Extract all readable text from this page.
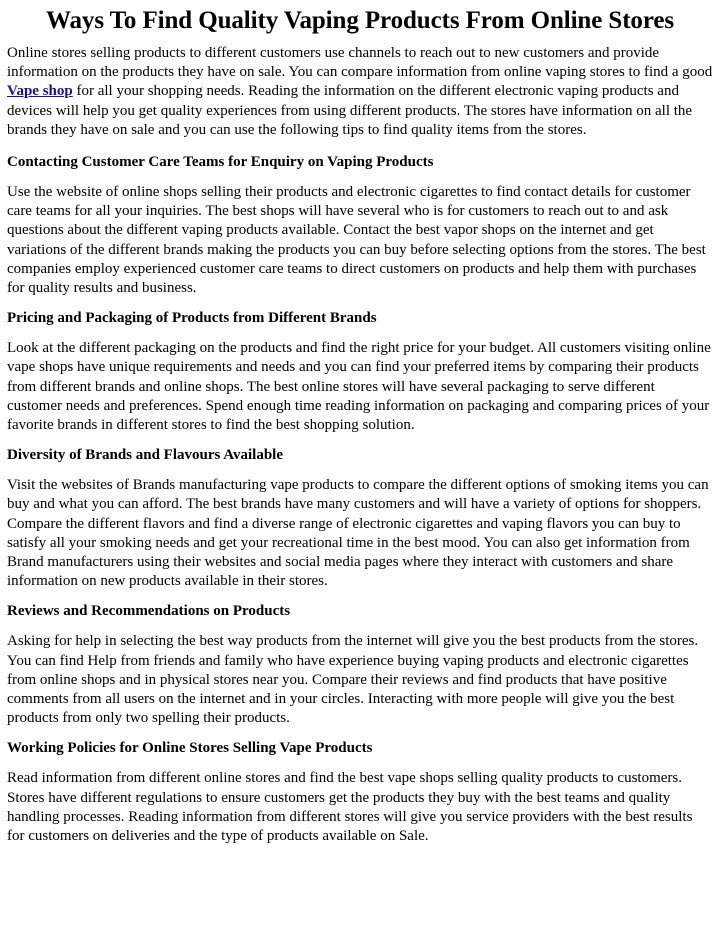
Ways To Find Quality Vaping Products From Online Stores

Online stores selling products to different customers use channels to reach out to new customers and provide information on the products they have on sale. You can compare information from online vaping stores to find a good Vape shop for all your shopping needs. Reading the information on the different electronic vaping products and devices will help you get quality experiences from using different products. The stores have information on all the brands they have on sale and you can use the following tips to find quality items from the stores.

Contacting Customer Care Teams for Enquiry on Vaping Products

Use the website of online shops selling their products and electronic cigarettes to find contact details for customer care teams for all your inquiries. The best shops will have several who is for customers to reach out to and ask questions about the different vaping products available. Contact the best vapor shops on the internet and get variations of the different brands making the products you can buy before selecting options from the stores. The best companies employ experienced customer care teams to direct customers on products and help them with purchases for quality results and business.

Pricing and Packaging of Products from Different Brands

Look at the different packaging on the products and find the right price for your budget. All customers visiting online vape shops have unique requirements and needs and you can find your preferred items by comparing their products from different brands and online shops. The best online stores will have several packaging to serve different customer needs and preferences. Spend enough time reading information on packaging and comparing prices of your favorite brands in different stores to find the best shopping solution.

Diversity of Brands and Flavours Available

Visit the websites of Brands manufacturing vape products to compare the different options of smoking items you can buy and what you can afford. The best brands have many customers and will have a variety of options for shoppers. Compare the different flavors and find a diverse range of electronic cigarettes and vaping flavors you can buy to satisfy all your smoking needs and get your recreational time in the best mood. You can also get information from Brand manufacturers using their websites and social media pages where they interact with customers and share information on new products available in their stores.

Reviews and Recommendations on Products

Asking for help in selecting the best way products from the internet will give you the best products from the stores. You can find Help from friends and family who have experience buying vaping products and electronic cigarettes from online shops and in physical stores near you. Compare their reviews and find products that have positive comments from all users on the internet and in your circles. Interacting with more people will give you the best products from only two spelling their products.

Working Policies for Online Stores Selling Vape Products

Read information from different online stores and find the best vape shops selling quality products to customers. Stores have different regulations to ensure customers get the products they buy with the best teams and quality handling processes. Reading information from different stores will give you service providers with the best results for customers on deliveries and the type of products available on Sale.
